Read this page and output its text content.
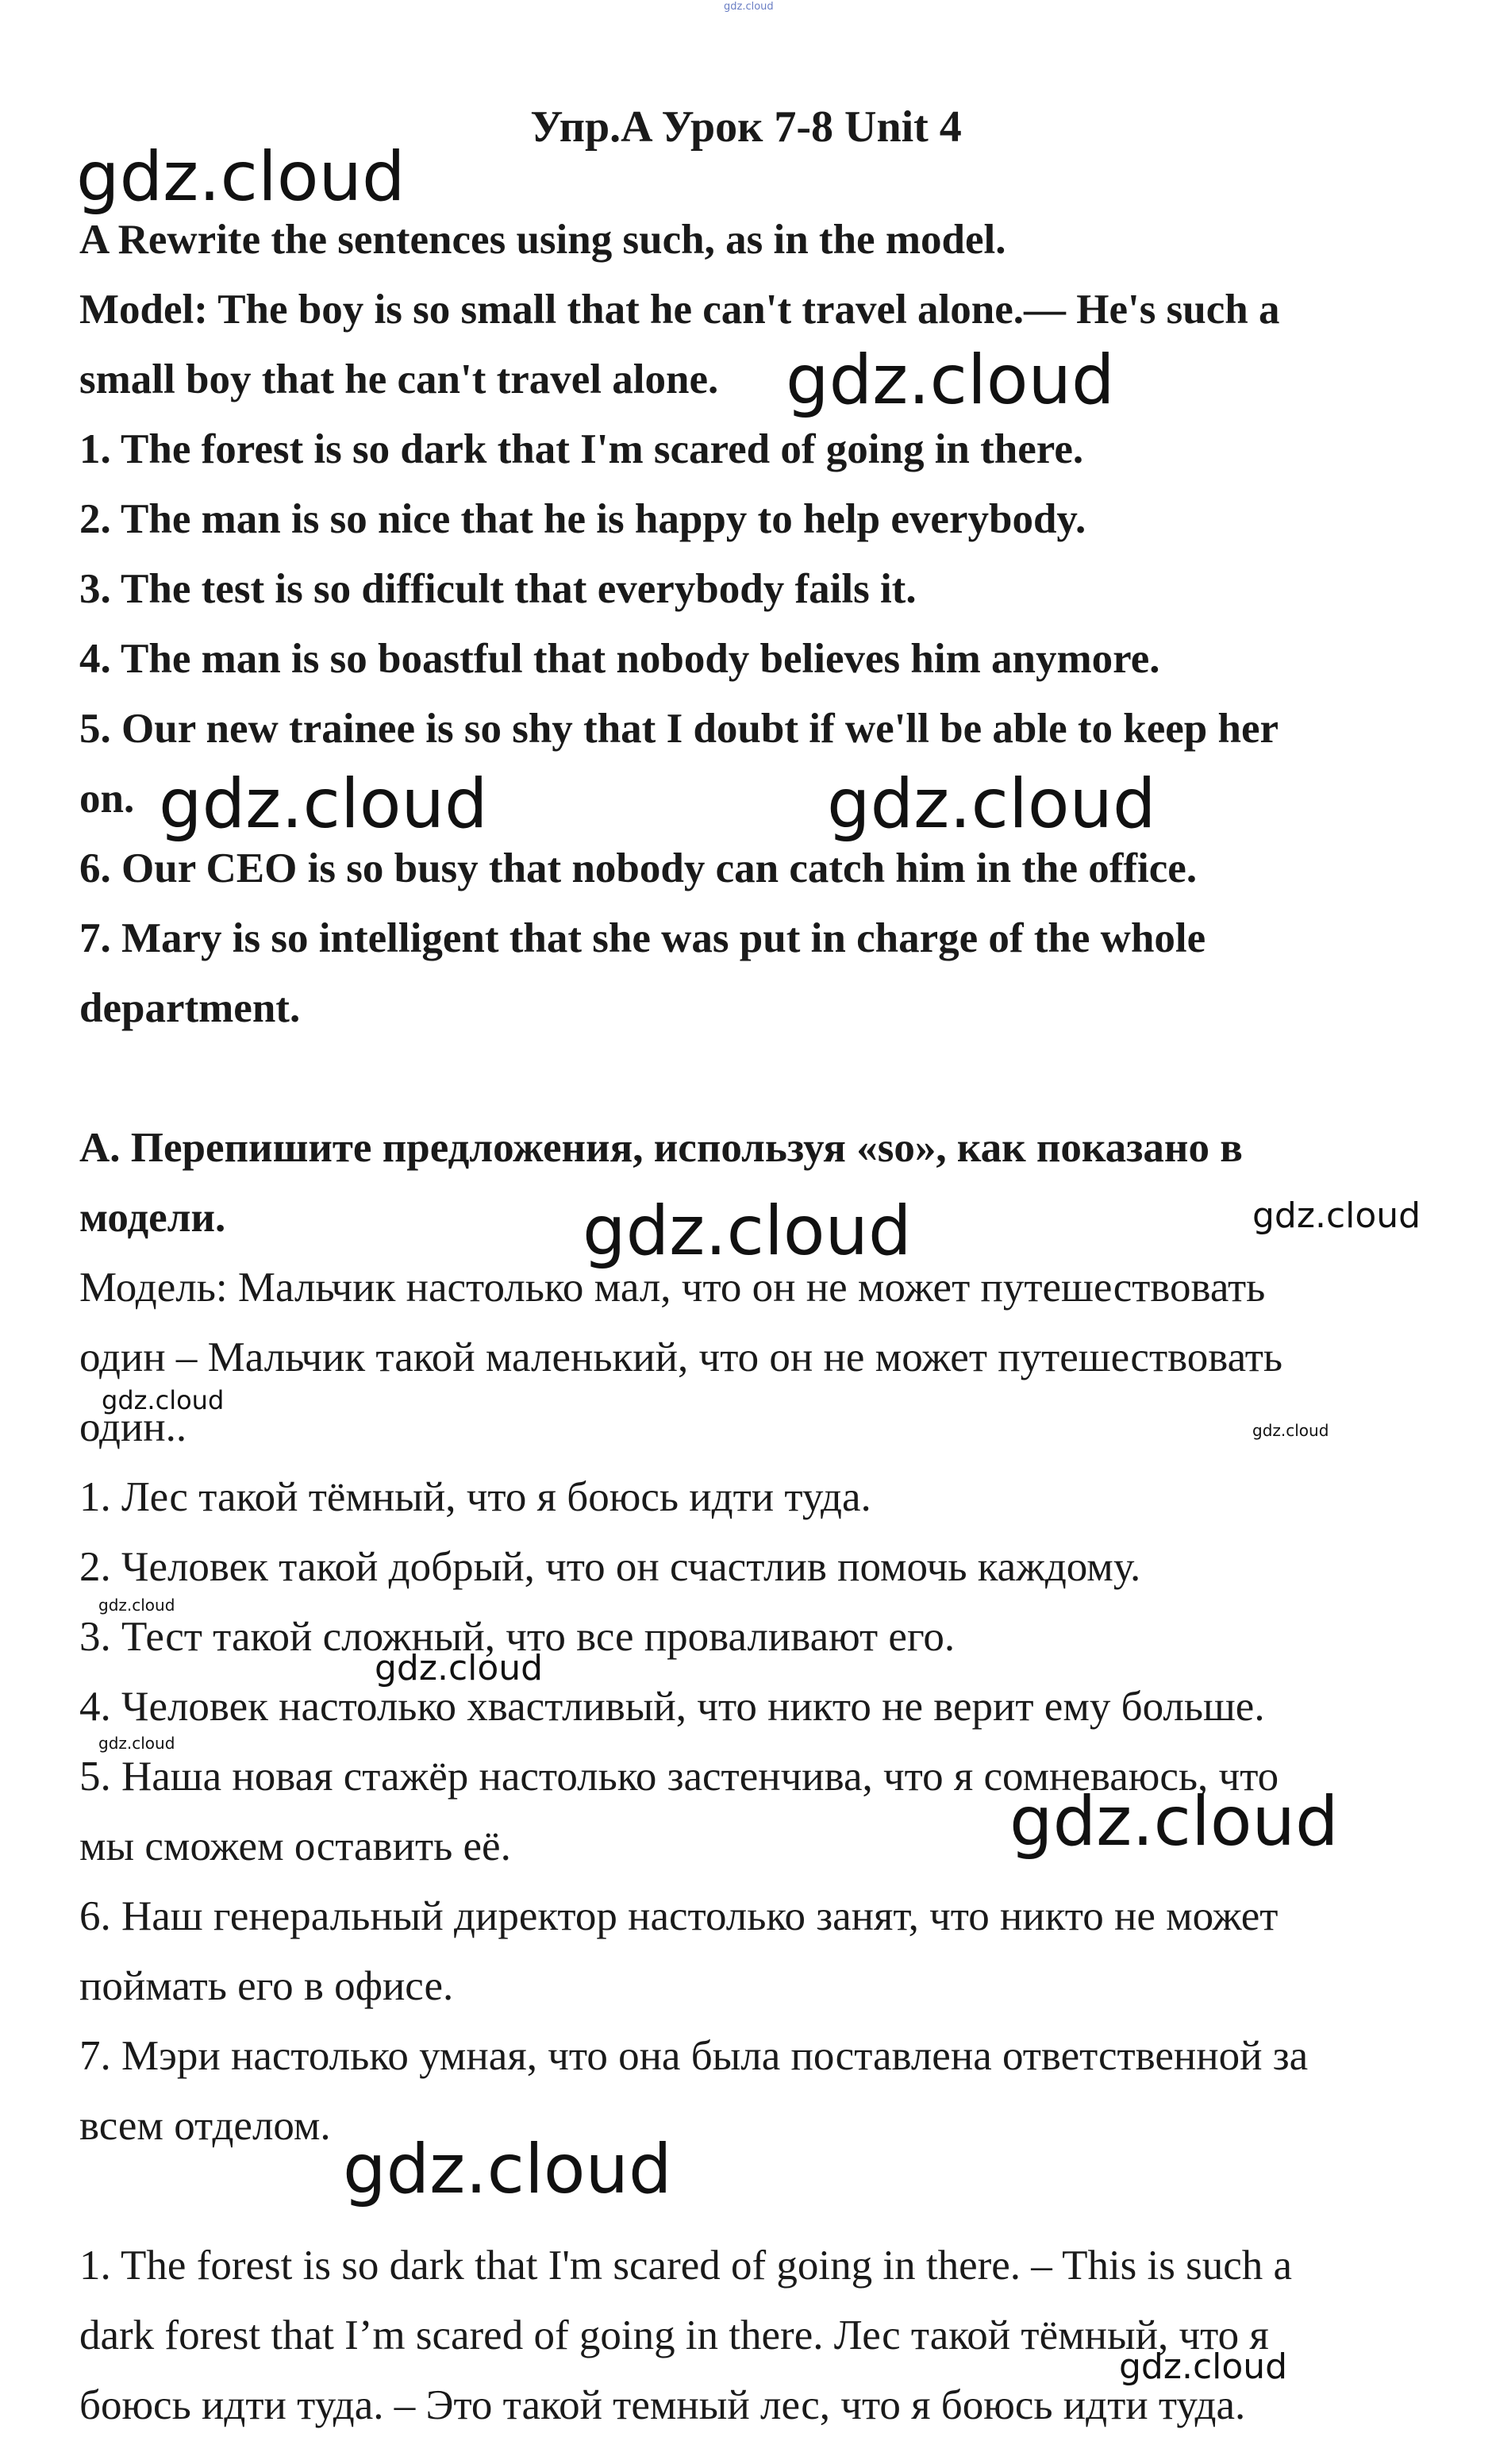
gdz.cloud
Упр.A Урок 7-8 Unit 4
A Rewrite the sentences using such, as in the model.
Model: The boy is so small that he can't travel alone.— He's such a
small boy that he can't travel alone.
1. The forest is so dark that I'm scared of going in there.
2. The man is so nice that he is happy to help everybody.
3. The test is so difficult that everybody fails it.
4. The man is so boastful that nobody believes him anymore.
5. Our new trainee is so shy that I doubt if we'll be able to keep her
on.
6. Our CEO is so busy that nobody can catch him in the office.
7. Mary is so intelligent that she was put in charge of the whole
department.
А. Перепишите предложения, используя «so», как показано в
модели.
Модель: Мальчик настолько мал, что он не может путешествовать
один – Мальчик такой маленький, что он не может путешествовать
один..
1. Лес такой тёмный, что я боюсь идти туда.
2. Человек такой добрый, что он счастлив помочь каждому.
3. Тест такой сложный, что все проваливают его.
4. Человек настолько хвастливый, что никто не верит ему больше.
5. Наша новая стажёр настолько застенчива, что я сомневаюсь, что
мы сможем оставить её.
6. Наш генеральный директор настолько занят, что никто не может
поймать его в офисе.
7. Мэри настолько умная, что она была поставлена ответственной за
всем отделом.
1. The forest is so dark that I'm scared of going in there. – This is such a
dark forest that I’m scared of going in there. Лес такой тёмный, что я
боюсь идти туда. – Это такой темный лес, что я боюсь идти туда.
gdz.cloud
gdz.cloud
gdz.cloud	gdz.cloud
gdz.cloud	gdz.cloud
gdz.cloud
gdz.cloud
gdz.cloud
gdz.cloud
gdz.cloud
gdz.cloud
gdz.cloud
gdz.cloud
